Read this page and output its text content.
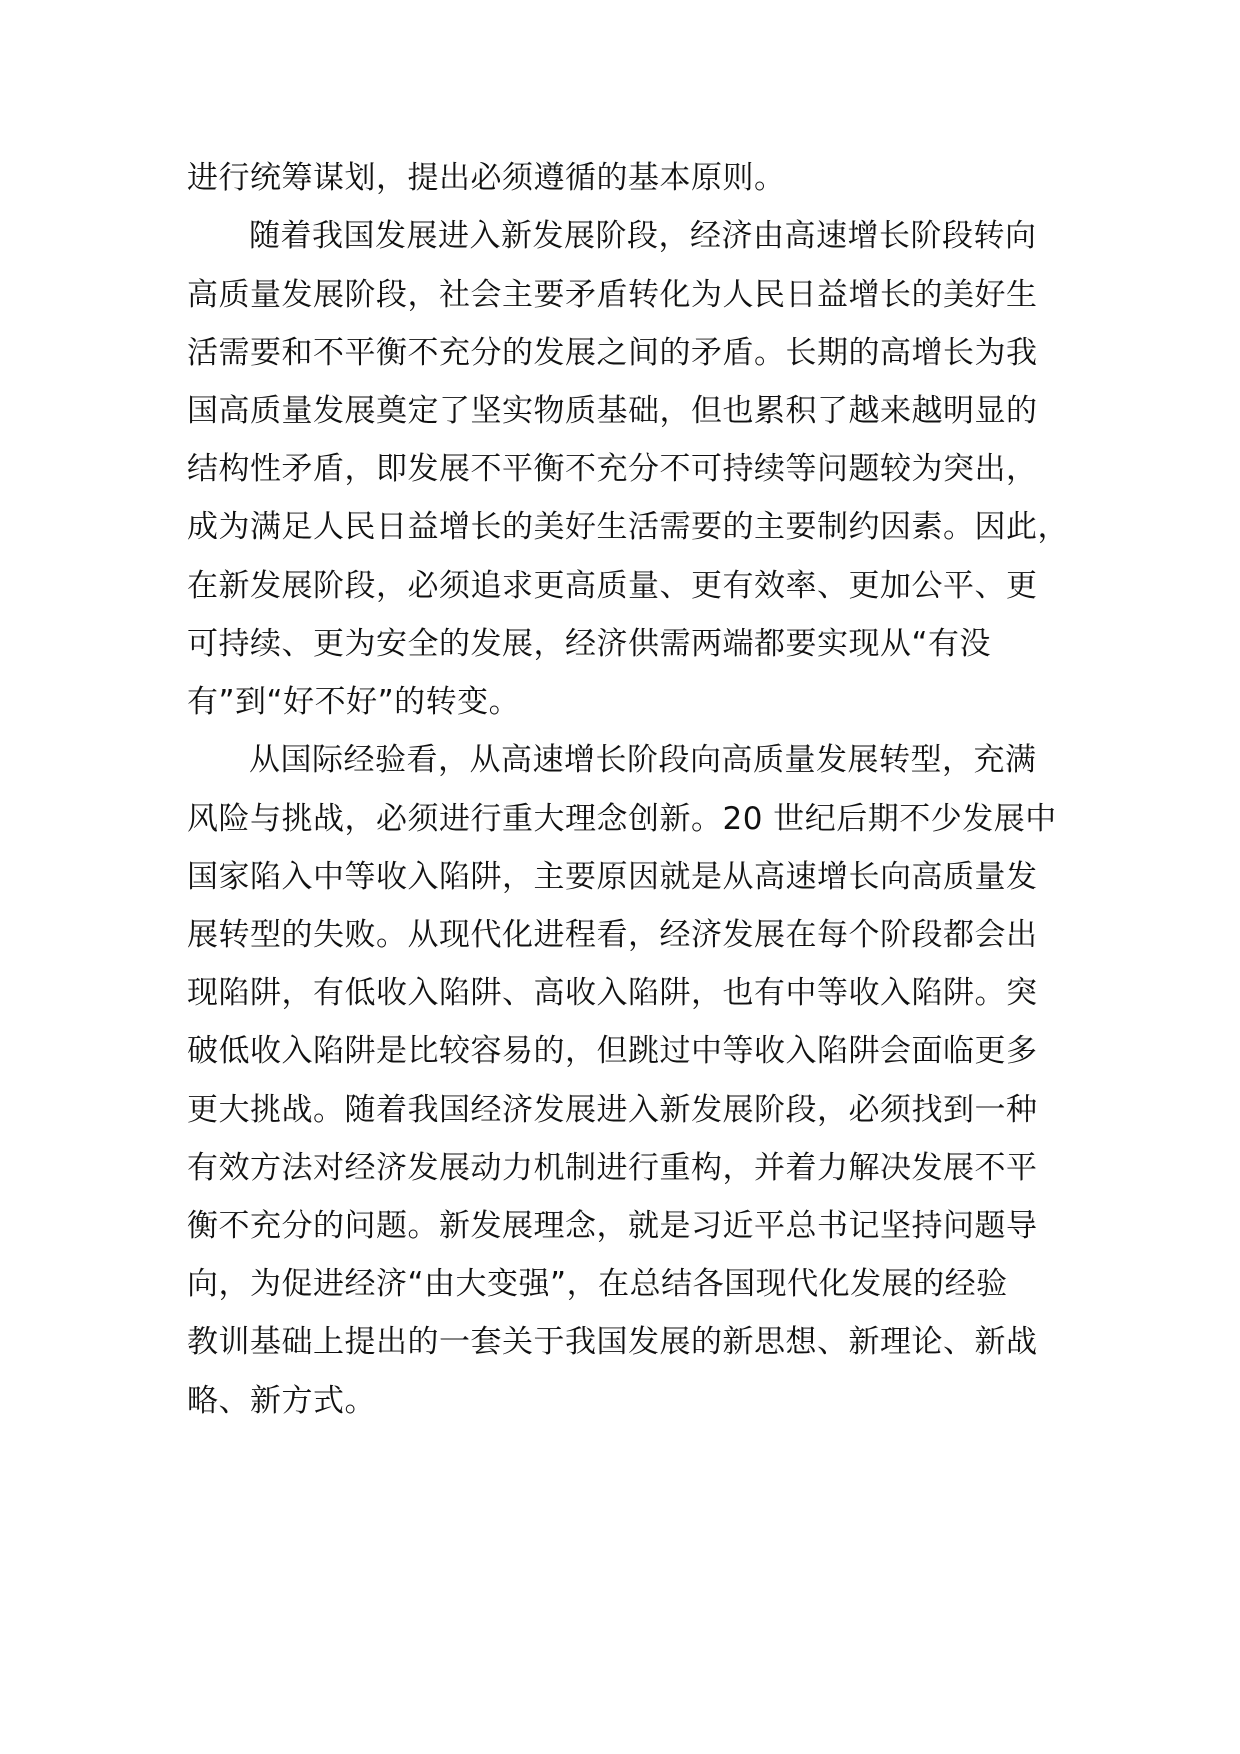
进行统筹谋划，提出必须遵循的基本原则。
随着我国发展进入新发展阶段，经济由高速增长阶段转向
高质量发展阶段，社会主要矛盾转化为人民日益增长的美好生
活需要和不平衡不充分的发展之间的矛盾。长期的高增长为我
国高质量发展奠定了坚实物质基础，但也累积了越来越明显的
结构性矛盾，即发展不平衡不充分不可持续等问题较为突出，
成为满足人民日益增长的美好生活需要的主要制约因素。因此，
在新发展阶段，必须追求更高质量、更有效率、更加公平、更
可持续、更为安全的发展，经济供需两端都要实现从“有没
有”到“好不好”的转变。
从国际经验看，从高速增长阶段向高质量发展转型，充满
风险与挑战，必须进行重大理念创新。20 世纪后期不少发展中
国家陷入中等收入陷阱，主要原因就是从高速增长向高质量发
展转型的失败。从现代化进程看，经济发展在每个阶段都会出
现陷阱，有低收入陷阱、高收入陷阱，也有中等收入陷阱。突
破低收入陷阱是比较容易的，但跳过中等收入陷阱会面临更多
更大挑战。随着我国经济发展进入新发展阶段，必须找到一种
有效方法对经济发展动力机制进行重构，并着力解决发展不平
衡不充分的问题。新发展理念，就是习近平总书记坚持问题导
向，为促进经济“由大变强”，在总结各国现代化发展的经验
教训基础上提出的一套关于我国发展的新思想、新理论、新战
略、新方式。
